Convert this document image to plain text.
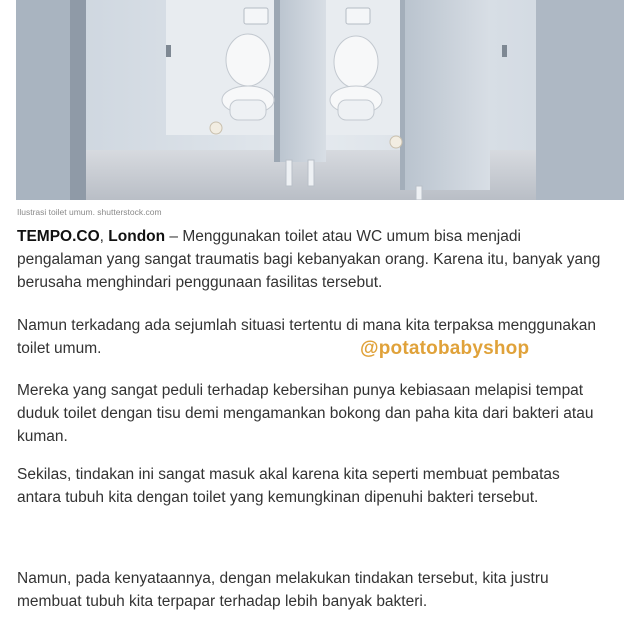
Ilustrasi toilet umum. shutterstock.com

TEMPO.CO, London – Menggunakan toilet atau WC umum bisa menjadi
pengalaman yang sangat traumatis bagi kebanyakan orang. Karena itu, banyak yang
berusaha menghindari penggunaan fasilitas tersebut.

Namun terkadang ada sejumlah situasi tertentu di mana kita terpaksa menggunakan
toilet umum.

Mereka yang sangat peduli terhadap kebersihan punya kebiasaan melapisi tempat
duduk toilet dengan tisu demi mengamankan bokong dan paha kita dari bakteri atau
kuman.

Sekilas, tindakan ini sangat masuk akal karena kita seperti membuat pembatas
antara tubuh kita dengan toilet yang kemungkinan dipenuhi bakteri tersebut.

Namun, pada kenyataannya, dengan melakukan tindakan tersebut, kita justru
membuat tubuh kita terpapar terhadap lebih banyak bakteri.

@potatobabyshop
